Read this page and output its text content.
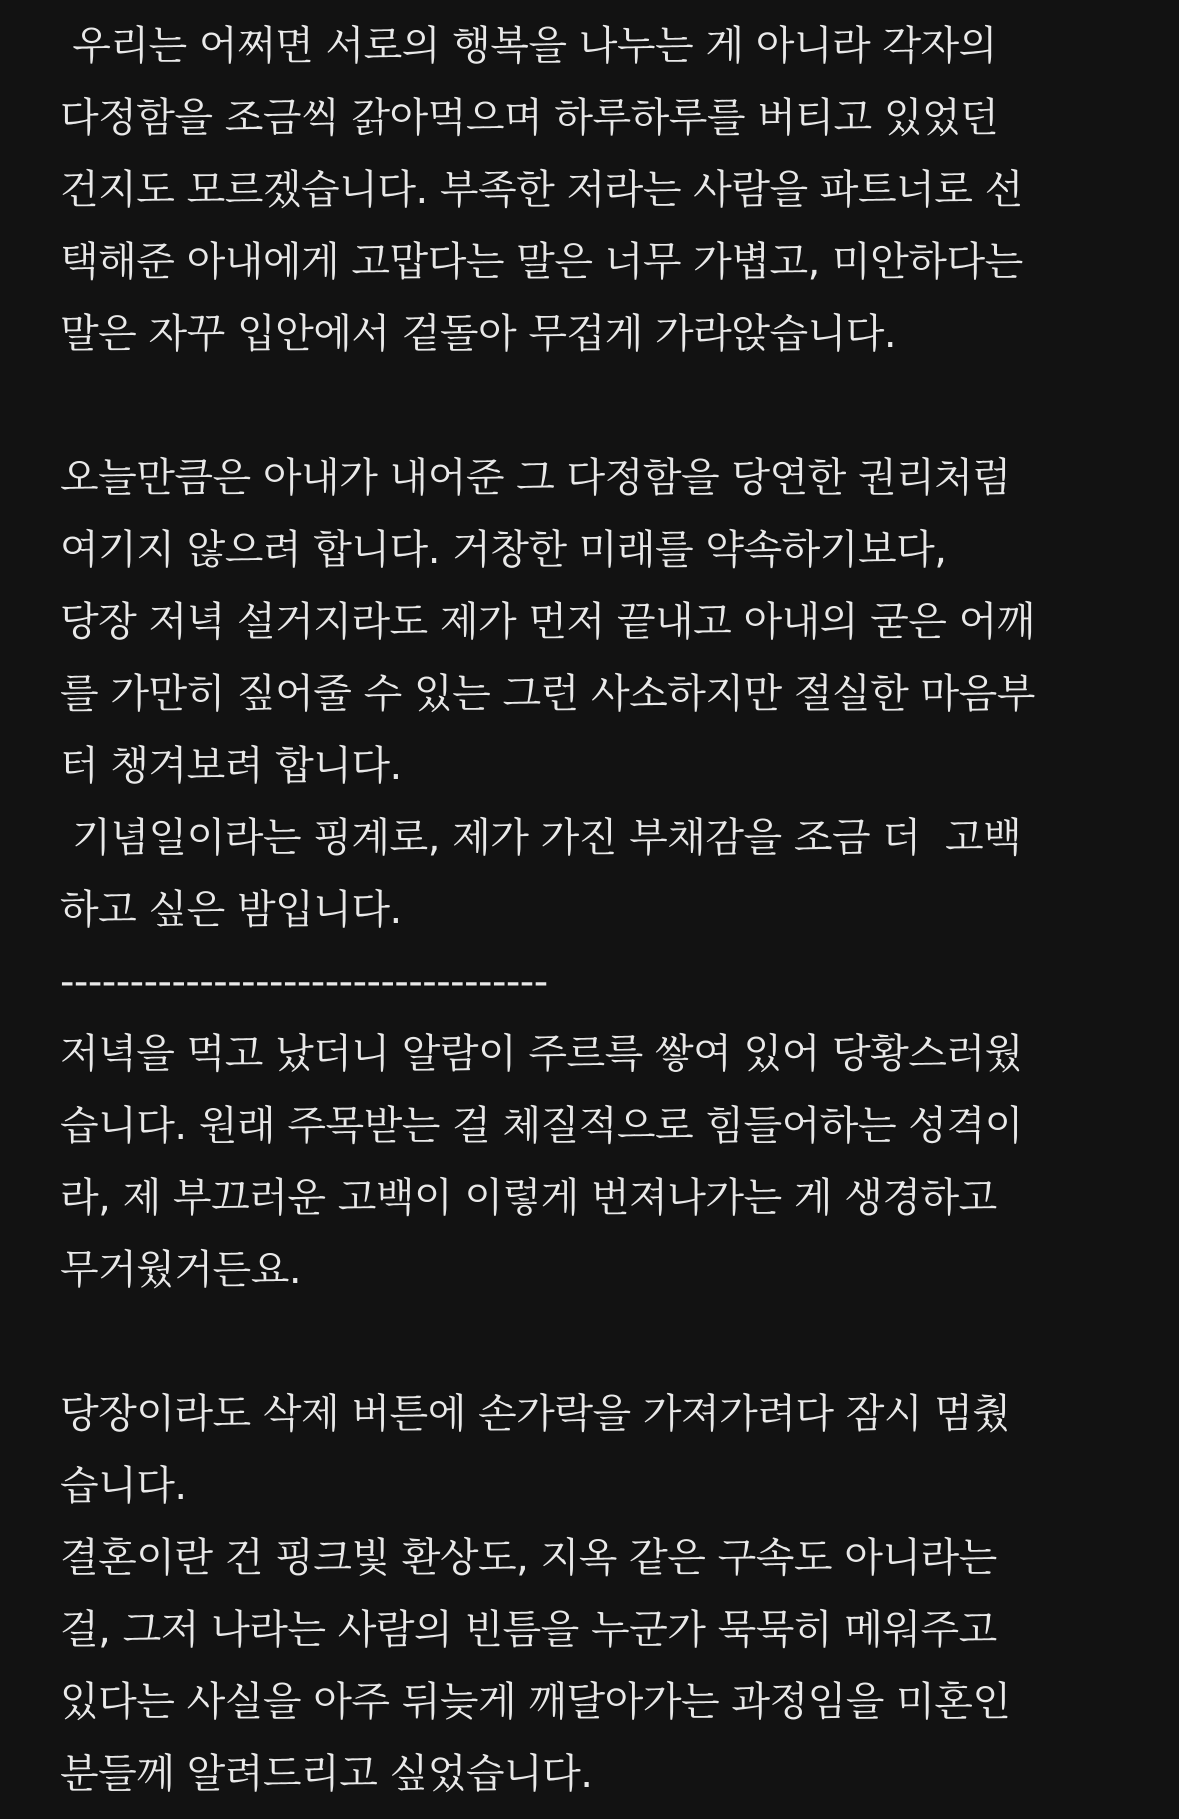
우리는 어쩌면 서로의 행복을 나누는 게 아니라 각자의
다정함을 조금씩 갉아먹으며 하루하루를 버티고 있었던
건지도 모르겠습니다. 부족한 저라는 사람을 파트너로 선
택해준 아내에게 고맙다는 말은 너무 가볍고, 미안하다는
말은 자꾸 입안에서 겉돌아 무겁게 가라앉습니다.
오늘만큼은 아내가 내어준 그 다정함을 당연한 권리처럼
여기지 않으려 합니다. 거창한 미래를 약속하기보다,
당장 저녁 설거지라도 제가 먼저 끝내고 아내의 굳은 어깨
를 가만히 짚어줄 수 있는 그런 사소하지만 절실한 마음부
터 챙겨보려 합니다.
기념일이라는 핑계로, 제가 가진 부채감을 조금 더  고백
하고 싶은 밤입니다.
-----------------------------------
저녁을 먹고 났더니 알람이 주르륵 쌓여 있어 당황스러웠
습니다. 원래 주목받는 걸 체질적으로 힘들어하는 성격이
라, 제 부끄러운 고백이 이렇게 번져나가는 게 생경하고
무거웠거든요.
당장이라도 삭제 버튼에 손가락을 가져가려다 잠시 멈췄
습니다.
결혼이란 건 핑크빛 환상도, 지옥 같은 구속도 아니라는
걸, 그저 나라는 사람의 빈틈을 누군가 묵묵히 메워주고
있다는 사실을 아주 뒤늦게 깨달아가는 과정임을 미혼인
분들께 알려드리고 싶었습니다.
